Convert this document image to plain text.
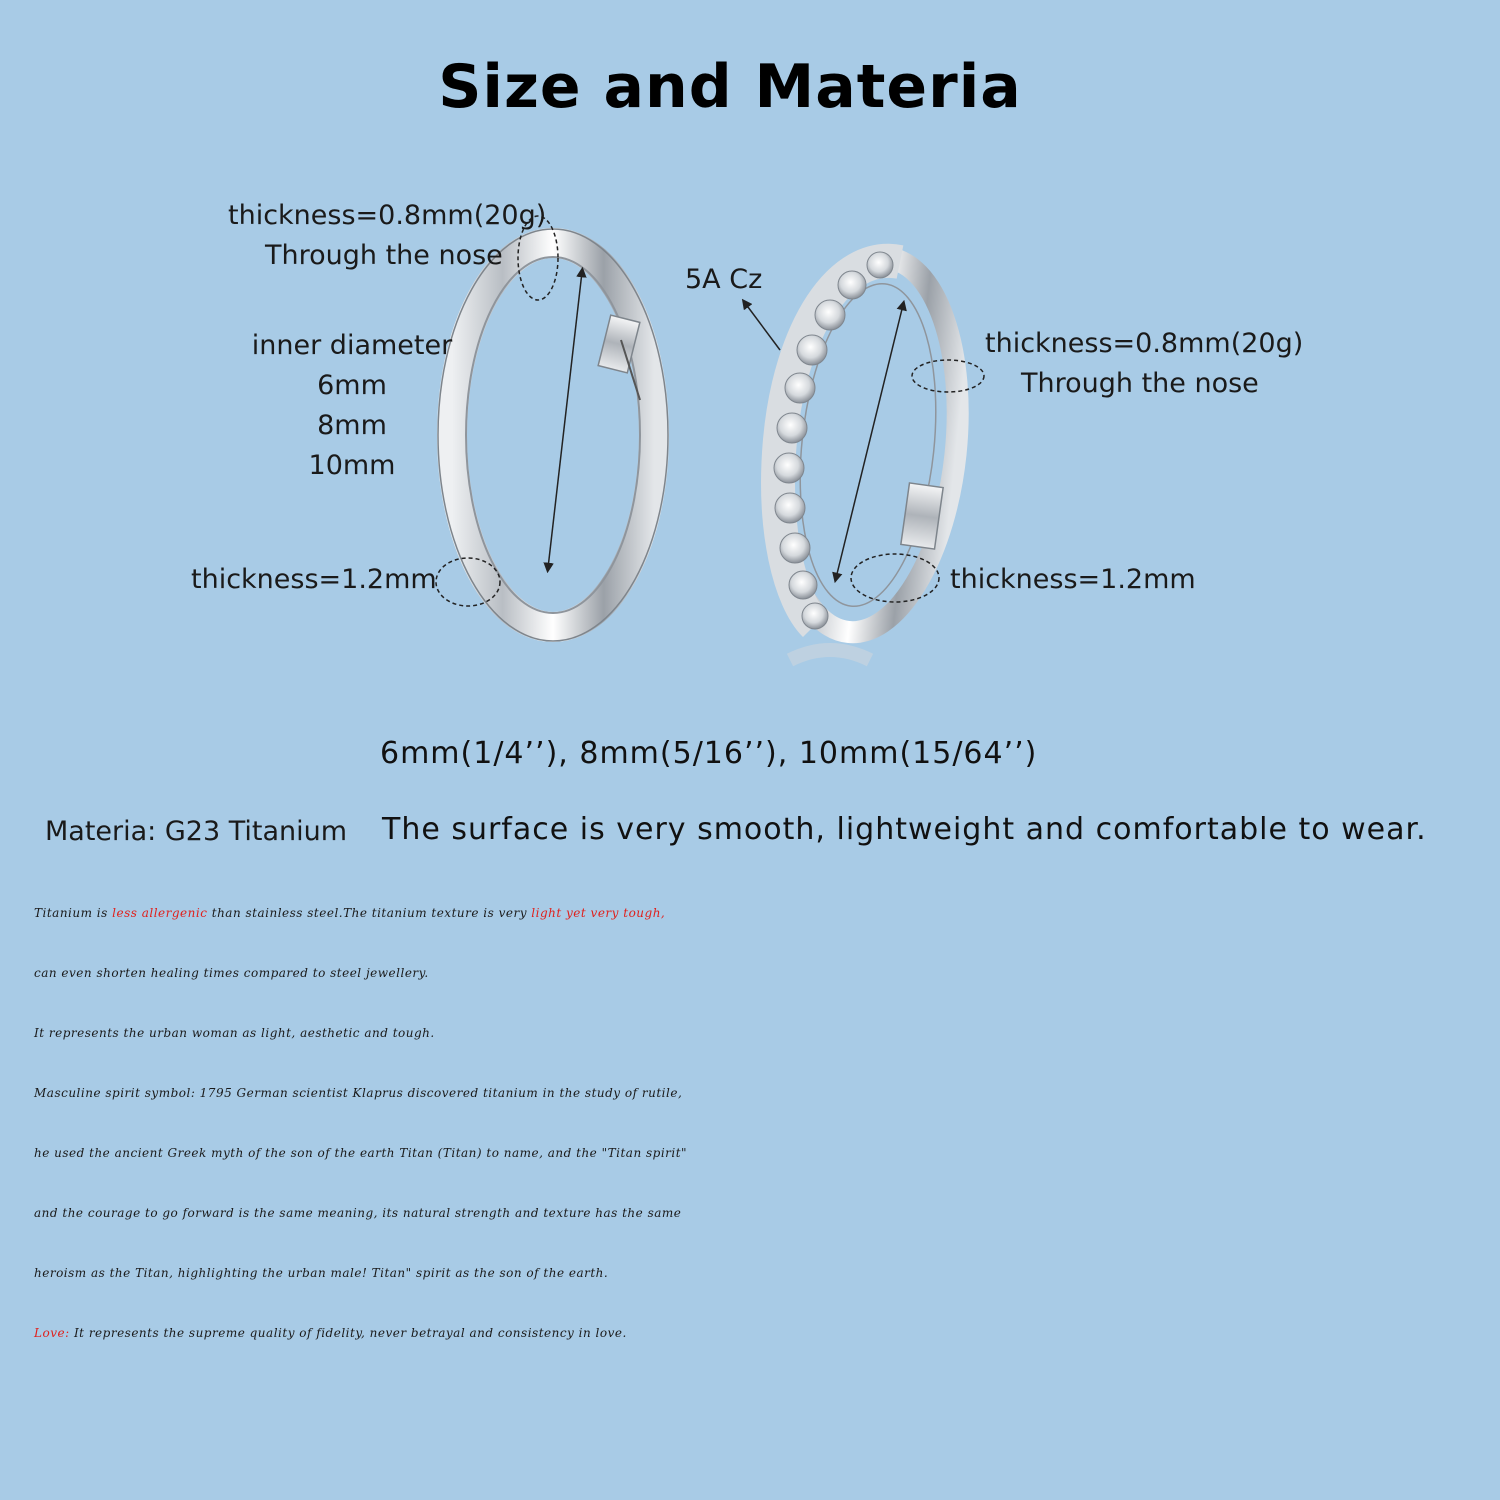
Size and Materia
thickness=0.8mm(20g)
Through the nose
inner diameter
6mm
8mm
10mm
thickness=1.2mm
5A Cz
thickness=0.8mm(20g)
Through the nose
thickness=1.2mm
6mm(1/4’’), 8mm(5/16’’), 10mm(15/64’’)
Materia: G23 Titanium The surface is very smooth, lightweight and comfortable to wear.
Titanium is less allergenic than stainless steel.The titanium texture is very light yet very tough,
can even shorten healing times compared to steel jewellery.
It represents the urban woman as light, aesthetic and tough.
Masculine spirit symbol: 1795 German scientist Klaprus discovered titanium in the study of rutile,
he used the ancient Greek myth of the son of the earth Titan (Titan) to name, and the "Titan spirit"
and the courage to go forward is the same meaning, its natural strength and texture has the same
heroism as the Titan, highlighting the urban male! Titan" spirit as the son of the earth.
Love: It represents the supreme quality of fidelity, never betrayal and consistency in love.
